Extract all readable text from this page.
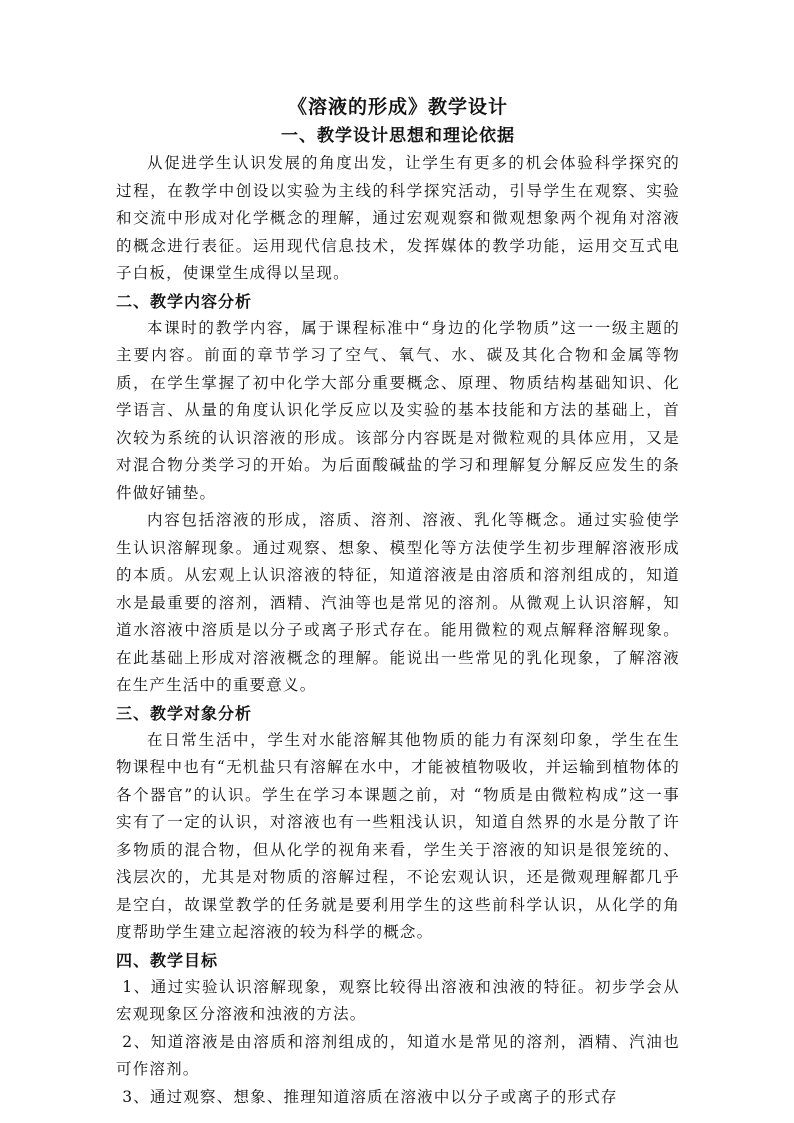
《溶液的形成》教学设计

一、教学设计思想和理论依据

从促进学生认识发展的角度出发，让学生有更多的机会体验科学探究的过程，在教学中创设以实验为主线的科学探究活动，引导学生在观察、实验和交流中形成对化学概念的理解，通过宏观观察和微观想象两个视角对溶液的概念进行表征。运用现代信息技术，发挥媒体的教学功能，运用交互式电子白板，使课堂生成得以呈现。

二、教学内容分析

本课时的教学内容，属于课程标准中“身边的化学物质”这一一级主题的主要内容。前面的章节学习了空气、氧气、水、碳及其化合物和金属等物质，在学生掌握了初中化学大部分重要概念、原理、物质结构基础知识、化学语言、从量的角度认识化学反应以及实验的基本技能和方法的基础上，首次较为系统的认识溶液的形成。该部分内容既是对微粒观的具体应用，又是对混合物分类学习的开始。为后面酸碱盐的学习和理解复分解反应发生的条件做好铺垫。

内容包括溶液的形成，溶质、溶剂、溶液、乳化等概念。通过实验使学生认识溶解现象。通过观察、想象、模型化等方法使学生初步理解溶液形成的本质。从宏观上认识溶液的特征，知道溶液是由溶质和溶剂组成的，知道水是最重要的溶剂，酒精、汽油等也是常见的溶剂。从微观上认识溶解，知道水溶液中溶质是以分子或离子形式存在。能用微粒的观点解释溶解现象。 在此基础上形成对溶液概念的理解。能说出一些常见的乳化现象，了解溶液在生产生活中的重要意义。

三、教学对象分析

在日常生活中，学生对水能溶解其他物质的能力有深刻印象，学生在生物课程中也有“无机盐只有溶解在水中，才能被植物吸收，并运输到植物体的各个器官”的认识。学生在学习本课题之前，对 “物质是由微粒构成”这一事实有了一定的认识，对溶液也有一些粗浅认识，知道自然界的水是分散了许多物质的混合物，但从化学的视角来看，学生关于溶液的知识是很笼统的、浅层次的，尤其是对物质的溶解过程，不论宏观认识，还是微观理解都几乎是空白，故课堂教学的任务就是要利用学生的这些前科学认识，从化学的角度帮助学生建立起溶液的较为科学的概念。

四、教学目标

1、通过实验认识溶解现象，观察比较得出溶液和浊液的特征。初步学会从宏观现象区分溶液和浊液的方法。

2、知道溶液是由溶质和溶剂组成的，知道水是常见的溶剂，酒精、汽油也可作溶剂。

3、通过观察、想象、推理知道溶质在溶液中以分子或离子的形式存
